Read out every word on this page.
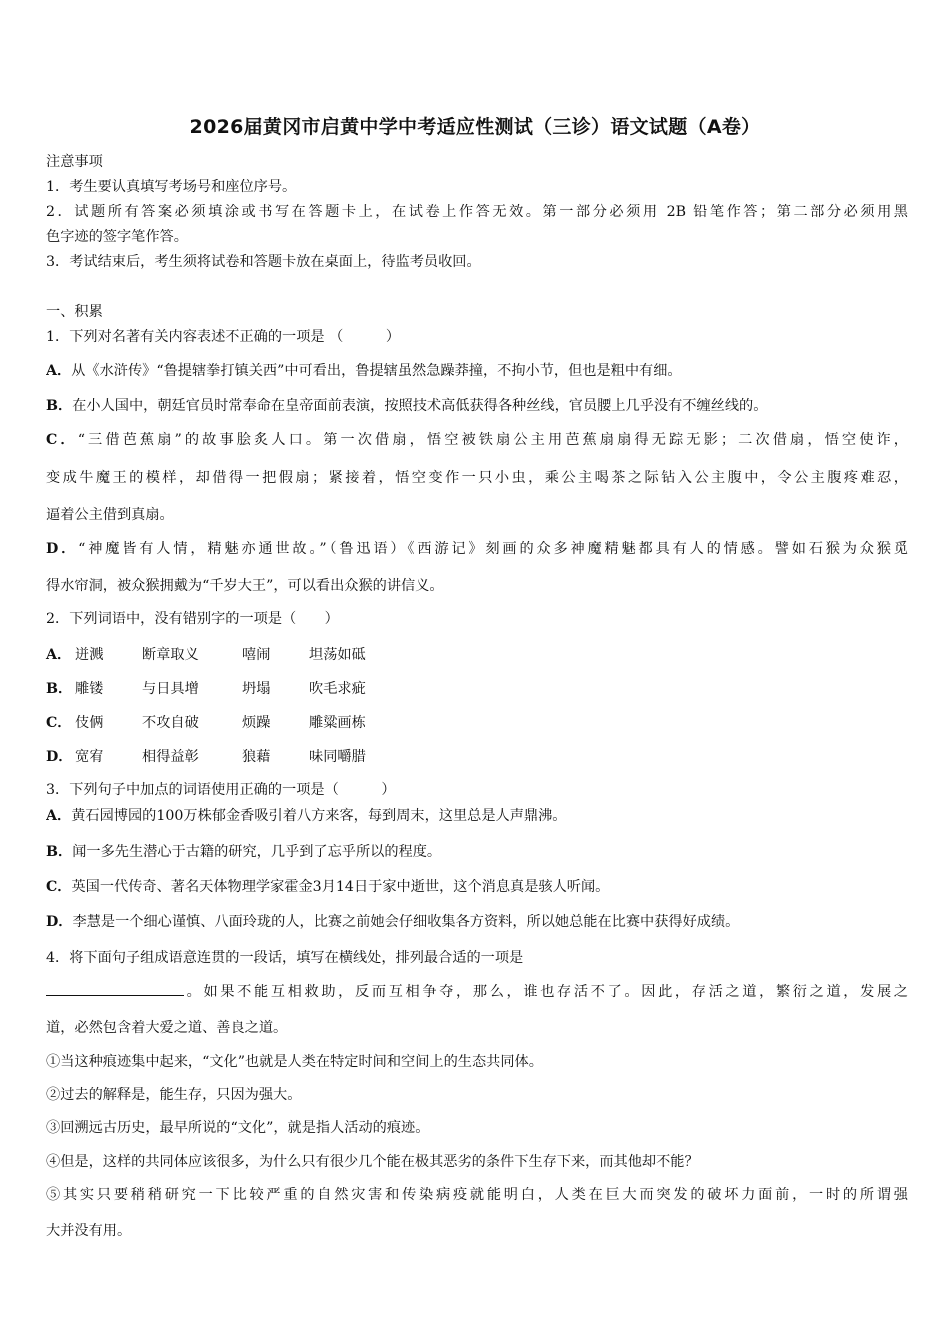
2026届黄冈市启黄中学中考适应性测试（三诊）语文试题（A卷）
注意事项
1．考生要认真填写考场号和座位序号。
2．试题所有答案必须填涂或书写在答题卡上，在试卷上作答无效。第一部分必须用 2B 铅笔作答；第二部分必须用黑
色字迹的签字笔作答。
3．考试结束后，考生须将试卷和答题卡放在桌面上，待监考员收回。
一、积累
1．下列对名著有关内容表述不正确的一项是 （　　　）
A．从《水浒传》“鲁提辖拳打镇关西”中可看出，鲁提辖虽然急躁莽撞，不拘小节，但也是粗中有细。
B．在小人国中，朝廷官员时常奉命在皇帝面前表演，按照技术高低获得各种丝线，官员腰上几乎没有不缠丝线的。
C．“三借芭蕉扇”的故事脍炙人口。第一次借扇，悟空被铁扇公主用芭蕉扇扇得无踪无影；二次借扇，悟空使诈，
变成牛魔王的模样，却借得一把假扇；紧接着，悟空变作一只小虫，乘公主喝茶之际钻入公主腹中，令公主腹疼难忍，
逼着公主借到真扇。
D．“神魔皆有人情，精魅亦通世故。”（鲁迅语）《西游记》刻画的众多神魔精魅都具有人的情感。譬如石猴为众猴觅
得水帘洞，被众猴拥戴为“千岁大王”，可以看出众猴的讲信义。
2．下列词语中，没有错别字的一项是（　　）
A． 迸溅	断章取义	嘻闹	坦荡如砥
B． 雕镂	与日具增	坍塌	吹毛求疵
C． 伎俩	不攻自破	烦躁	雕粱画栋
D． 宽宥	相得益彰	狼藉	味同嚼腊
3．下列句子中加点的词语使用正确的一项是（　　　）
A．黄石园博园的100万株郁金香吸引着八方来客，每到周末，这里总是人声鼎沸。
B．闻一多先生潜心于古籍的研究，几乎到了忘乎所以的程度。
C．英国一代传奇、著名天体物理学家霍金3月14日于家中逝世，这个消息真是骇人听闻。
D．李慧是一个细心谨慎、八面玲珑的人，比赛之前她会仔细收集各方资料，所以她总能在比赛中获得好成绩。
4．将下面句子组成语意连贯的一段话，填写在横线处，排列最合适的一项是
。如果不能互相救助，反而互相争夺，那么，谁也存活不了。因此，存活之道，繁衍之道，发展之
道，必然包含着大爱之道、善良之道。
①当这种痕迹集中起来，“文化”也就是人类在特定时间和空间上的生态共同体。
②过去的解释是，能生存，只因为强大。
③回溯远古历史，最早所说的“文化”，就是指人活动的痕迹。
④但是，这样的共同体应该很多，为什么只有很少几个能在极其恶劣的条件下生存下来，而其他却不能？
⑤其实只要稍稍研究一下比较严重的自然灾害和传染病疫就能明白，人类在巨大而突发的破坏力面前，一时的所谓强
大并没有用。
